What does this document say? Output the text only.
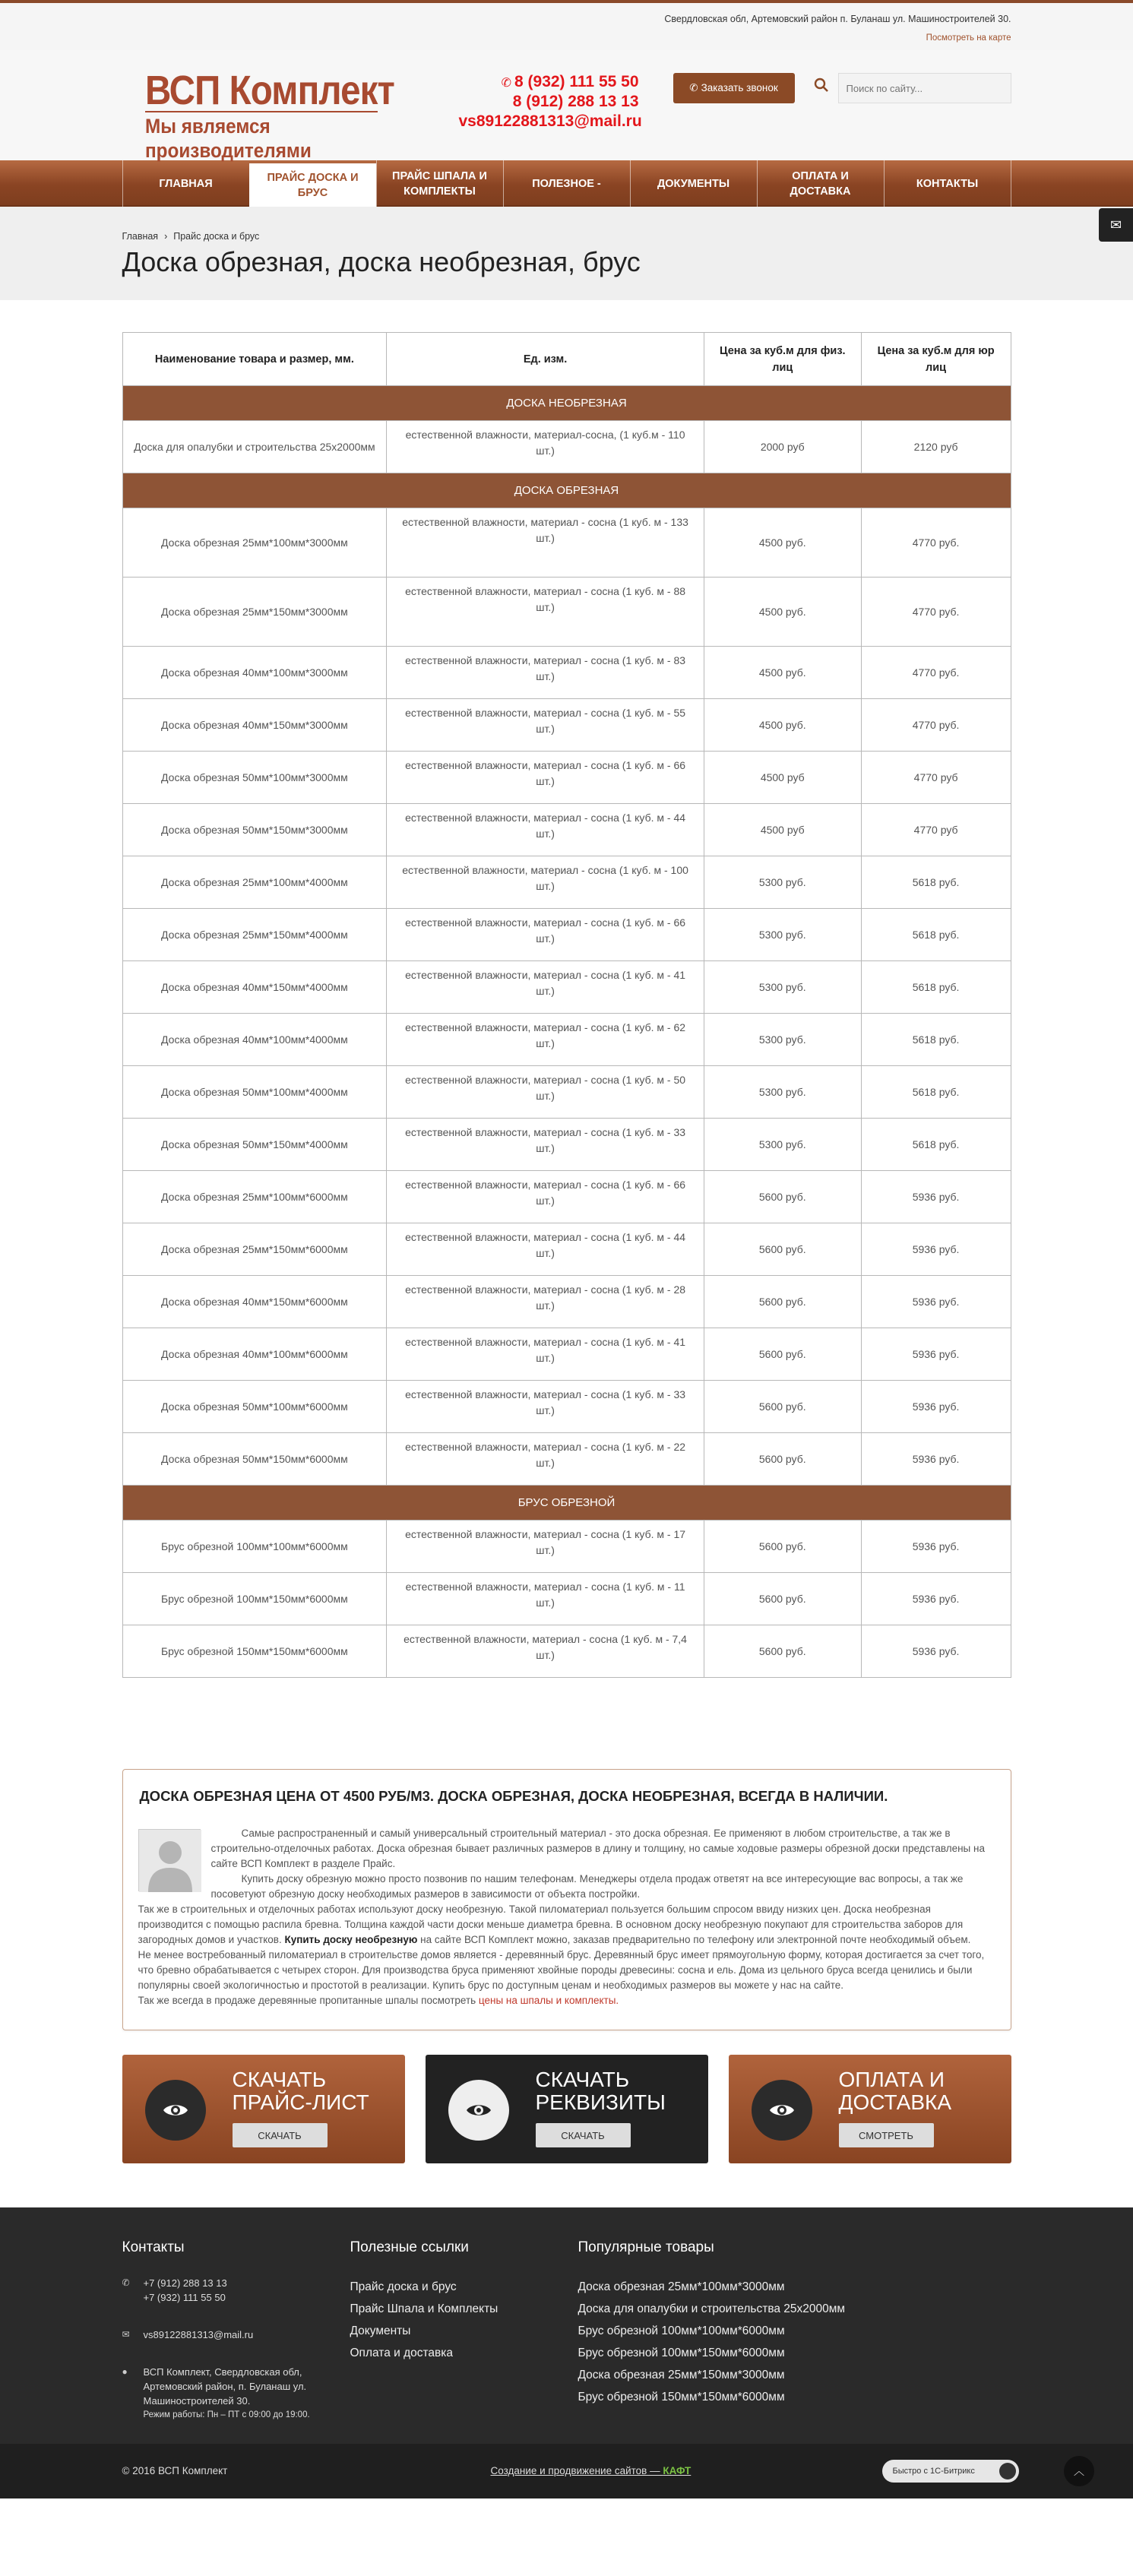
Свердловская обл, Артемовский район п. Буланаш ул. Машиностроителей 30.
Посмотреть на карте
ВСП Комплект
Мы являемся производителями
✆ 8 (932) 111 55 50
8 (912) 288 13 13
vs89122881313@mail.ru
✆ Заказать звонок
Поиск по сайту...
ГЛАВНАЯ	ПРАЙС ДОСКА И БРУС
ПРАЙС ШПАЛА И КОМПЛЕКТЫ
ПОЛЕЗНОЕ -	ДОКУМЕНТЫ
ОПЛАТА И ДОСТАВКА
КОНТАКТЫ
Главная › Прайс доска и брус
Доска обрезная, доска необрезная, брус
✉
Наименование товара и размер, мм.	Ед. изм.	Цена за куб.м для физ. лиц	Цена за куб.м для юр лиц
ДОСКА НЕОБРЕЗНАЯ			
Доска для опалубки и строительства 25х2000мм	естественной влажности, материал-сосна, (1 куб.м - 110 шт.)	2000 руб	2120 руб
ДОСКА ОБРЕЗНАЯ			
Доска обрезная 25мм*100мм*3000мм	естественной влажности, материал - сосна (1 куб. м - 133 шт.)	4500 руб.	4770 руб.
Доска обрезная 25мм*150мм*3000мм	естественной влажности, материал - сосна (1 куб. м - 88 шт.)	4500 руб.	4770 руб.
Доска обрезная 40мм*100мм*3000мм	естественной влажности, материал - сосна (1 куб. м - 83 шт.)	4500 руб.	4770 руб.
Доска обрезная 40мм*150мм*3000мм	естественной влажности, материал - сосна (1 куб. м - 55 шт.)	4500 руб.	4770 руб.
Доска обрезная 50мм*100мм*3000мм	естественной влажности, материал - сосна (1 куб. м - 66 шт.)	4500 руб	4770 руб
Доска обрезная 50мм*150мм*3000мм	естественной влажности, материал - сосна (1 куб. м - 44 шт.)	4500 руб	4770 руб
Доска обрезная 25мм*100мм*4000мм	естественной влажности, материал - сосна (1 куб. м - 100 шт.)	5300 руб.	5618 руб.
Доска обрезная 25мм*150мм*4000мм	естественной влажности, материал - сосна (1 куб. м - 66 шт.)	5300 руб.	5618 руб.
Доска обрезная 40мм*150мм*4000мм	естественной влажности, материал - сосна (1 куб. м - 41 шт.)	5300 руб.	5618 руб.
Доска обрезная 40мм*100мм*4000мм	естественной влажности, материал - сосна (1 куб. м - 62 шт.)	5300 руб.	5618 руб.
Доска обрезная 50мм*100мм*4000мм	естественной влажности, материал - сосна (1 куб. м - 50 шт.)	5300 руб.	5618 руб.
Доска обрезная 50мм*150мм*4000мм	естественной влажности, материал - сосна (1 куб. м - 33 шт.)	5300 руб.	5618 руб.
Доска обрезная 25мм*100мм*6000мм	естественной влажности, материал - сосна (1 куб. м - 66 шт.)	5600 руб.	5936 руб.
Доска обрезная 25мм*150мм*6000мм	естественной влажности, материал - сосна (1 куб. м - 44 шт.)	5600 руб.	5936 руб.
Доска обрезная 40мм*150мм*6000мм	естественной влажности, материал - сосна (1 куб. м - 28 шт.)	5600 руб.	5936 руб.
Доска обрезная 40мм*100мм*6000мм	естественной влажности, материал - сосна (1 куб. м - 41 шт.)	5600 руб.	5936 руб.
Доска обрезная 50мм*100мм*6000мм	естественной влажности, материал - сосна (1 куб. м - 33 шт.)	5600 руб.	5936 руб.
Доска обрезная 50мм*150мм*6000мм	естественной влажности, материал - сосна (1 куб. м - 22 шт.)	5600 руб.	5936 руб.
БРУС ОБРЕЗНОЙ			
Брус обрезной 100мм*100мм*6000мм	естественной влажности, материал - сосна (1 куб. м - 17 шт.)	5600 руб.	5936 руб.
Брус обрезной 100мм*150мм*6000мм	естественной влажности, материал - сосна (1 куб. м - 11 шт.)	5600 руб.	5936 руб.
Брус обрезной 150мм*150мм*6000мм	естественной влажности, материал - сосна (1 куб. м - 7,4 шт.)	5600 руб.	5936 руб.
ДОСКА ОБРЕЗНАЯ ЦЕНА ОТ 4500 РУБ/М3. ДОСКА ОБРЕЗНАЯ, ДОСКА НЕОБРЕЗНАЯ, ВСЕГДА В НАЛИЧИИ.

Самые распространенный и самый универсальный строительный материал - это доска обрезная. Ее применяют в любом строительстве, а так же в строительно-отделочных работах. Доска обрезная бывает различных размеров в длину и толщину, но самые ходовые размеры обрезной доски представлены на сайте ВСП Комплект в разделе Прайс.

Купить доску обрезную можно просто позвонив по нашим телефонам. Менеджеры отдела продаж ответят на все интересующие вас вопросы, а так же посоветуют обрезную доску необходимых размеров в зависимости от объекта постройки.

Так же в строительных и отделочных работах используют доску необрезную. Такой пиломатериал пользуется большим спросом ввиду низких цен. Доска необрезная производится с помощью распила бревна. Толщина каждой части доски меньше диаметра бревна. В основном доску необрезную покупают для строительства заборов для загородных домов и участков. Купить доску необрезную на сайте ВСП Комплект можно, заказав предварительно по телефону или электронной почте необходимый объем.

Не менее востребованный пиломатериал в строительстве домов является - деревянный брус. Деревянный брус имеет прямоугольную форму, которая достигается за счет того, что бревно обрабатывается с четырех сторон. Для производства бруса применяют хвойные породы древесины: сосна и ель. Дома из цельного бруса всегда ценились и были популярны своей экологичностью и простотой в реализации. Купить брус по доступным ценам и необходимых размеров вы можете у нас на сайте.

Так же всегда в продаже деревянные пропитанные шпалы посмотреть цены на шпалы и комплекты.

СКАЧАТЬ ПРАЙС-ЛИСТ
СКАЧАТЬ
СКАЧАТЬ РЕКВИЗИТЫ
СКАЧАТЬ
ОПЛАТА И ДОСТАВКА
СМОТРЕТЬ
Контакты
✆ +7 (912) 288 13 13
+7 (932) 111 55 50
✉ vs89122881313@mail.ru
● ВСП Комплект, Свердловская обл, Артемовский район, п. Буланаш ул. Машиностроителей 30.
Режим работы: Пн – ПТ с 09:00 до 19:00.
Полезные ссылки
Прайс доска и брус
Прайс Шпала и Комплекты
Документы
Оплата и доставка
Популярные товары
Доска обрезная 25мм*100мм*3000мм
Доска для опалубки и строительства 25х2000мм
Брус обрезной 100мм*100мм*6000мм
Брус обрезной 100мм*150мм*6000мм
Доска обрезная 25мм*150мм*3000мм
Брус обрезной 150мм*150мм*6000мм
© 2016 ВСП Комплект	Создание и продвижение сайтов — КАФТ	Быстро с 1С-Битрикс	︿
